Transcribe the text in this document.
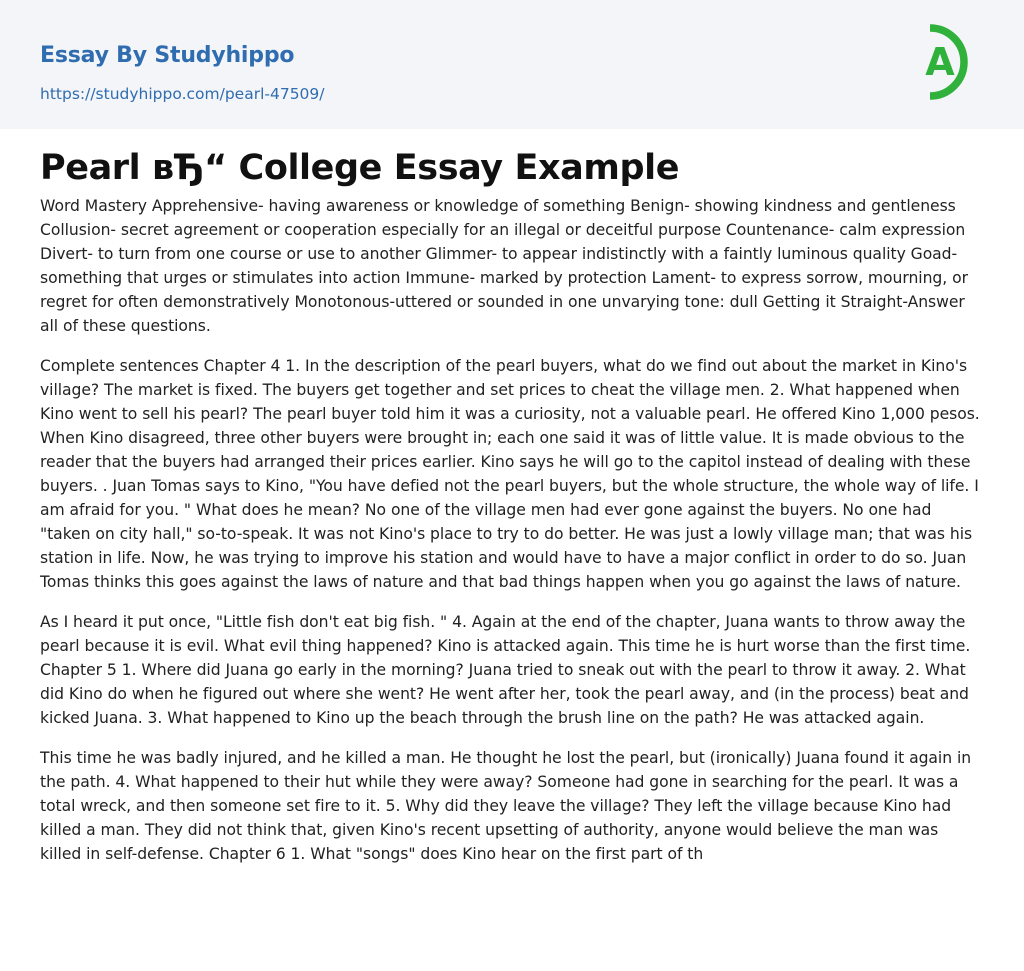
Essay By Studyhippo
https://studyhippo.com/pearl-47509/
A
Pearl вЂ“ College Essay Example

Word Mastery Apprehensive- having awareness or knowledge of something Benign- showing kindness and gentleness Collusion- secret agreement or cooperation especially for an illegal or deceitful purpose Countenance- calm expression Divert- to turn from one course or use to another Glimmer- to appear indistinctly with a faintly luminous quality Goad- something that urges or stimulates into action Immune- marked by protection Lament- to express sorrow, mourning, or regret for often demonstratively Monotonous-uttered or sounded in one unvarying tone: dull Getting it Straight-Answer all of these questions.

Complete sentences Chapter 4 1. In the description of the pearl buyers, what do we find out about the market in Kino's village? The market is fixed. The buyers get together and set prices to cheat the village men. 2. What happened when Kino went to sell his pearl? The pearl buyer told him it was a curiosity, not a valuable pearl. He offered Kino 1,000 pesos. When Kino disagreed, three other buyers were brought in; each one said it was of little value. It is made obvious to the reader that the buyers had arranged their prices earlier. Kino says he will go to the capitol instead of dealing with these buyers. . Juan Tomas says to Kino, "You have defied not the pearl buyers, but the whole structure, the whole way of life. I am afraid for you. " What does he mean? No one of the village men had ever gone against the buyers. No one had "taken on city hall," so-to-speak. It was not Kino's place to try to do better. He was just a lowly village man; that was his station in life. Now, he was trying to improve his station and would have to have a major conflict in order to do so. Juan Tomas thinks this goes against the laws of nature and that bad things happen when you go against the laws of nature.

As I heard it put once, "Little fish don't eat big fish. " 4. Again at the end of the chapter, Juana wants to throw away the pearl because it is evil. What evil thing happened? Kino is attacked again. This time he is hurt worse than the first time. Chapter 5 1. Where did Juana go early in the morning? Juana tried to sneak out with the pearl to throw it away. 2. What did Kino do when he figured out where she went? He went after her, took the pearl away, and (in the process) beat and kicked Juana. 3. What happened to Kino up the beach through the brush line on the path? He was attacked again.

This time he was badly injured, and he killed a man. He thought he lost the pearl, but (ironically) Juana found it again in the path. 4. What happened to their hut while they were away? Someone had gone in searching for the pearl. It was a total wreck, and then someone set fire to it. 5. Why did they leave the village? They left the village because Kino had killed a man. They did not think that, given Kino's recent upsetting of authority, anyone would believe the man was killed in self-defense. Chapter 6 1. What "songs" does Kino hear on the first part of th
